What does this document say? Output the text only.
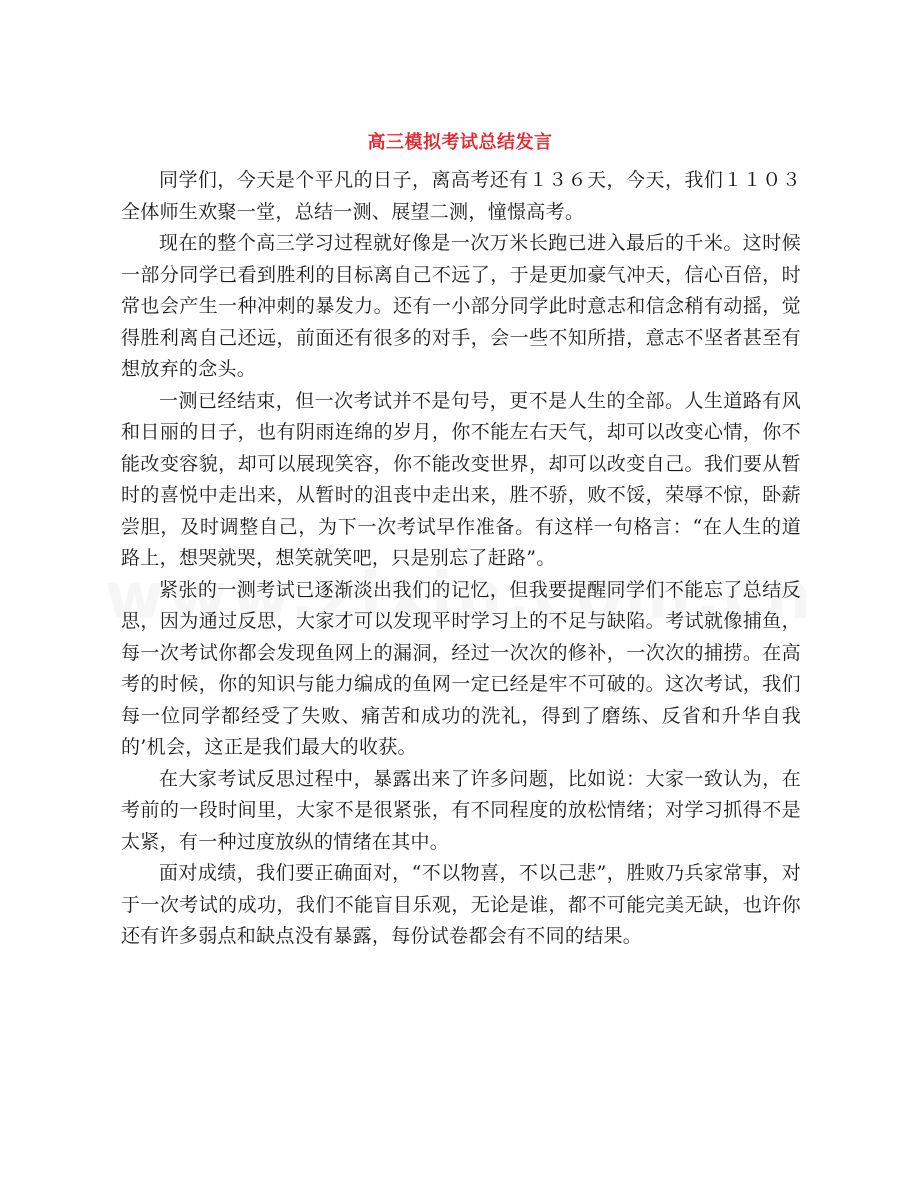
高三模拟考试总结发言

同学们，今天是个平凡的日子，离高考还有１３６天，今天，我们１１０３全体师生欢聚一堂，总结一测、展望二测，憧憬高考。

现在的整个高三学习过程就好像是一次万米长跑已进入最后的千米。这时候一部分同学已看到胜利的目标离自己不远了，于是更加豪气冲天，信心百倍，时常也会产生一种冲刺的暴发力。还有一小部分同学此时意志和信念稍有动摇，觉得胜利离自己还远，前面还有很多的对手，会一些不知所措，意志不坚者甚至有想放弃的念头。

一测已经结束，但一次考试并不是句号，更不是人生的全部。人生道路有风和日丽的日子，也有阴雨连绵的岁月，你不能左右天气，却可以改变心情，你不能改变容貌，却可以展现笑容，你不能改变世界，却可以改变自己。我们要从暂时的喜悦中走出来，从暂时的沮丧中走出来，胜不骄，败不馁，荣辱不惊，卧薪尝胆，及时调整自己，为下一次考试早作准备。有这样一句格言：“在人生的道路上，想哭就哭，想笑就笑吧，只是别忘了赶路”。

紧张的一测考试已逐渐淡出我们的记忆，但我要提醒同学们不能忘了总结反思，因为通过反思，大家才可以发现平时学习上的不足与缺陷。考试就像捕鱼，每一次考试你都会发现鱼网上的漏洞，经过一次次的修补，一次次的捕捞。在高考的时候，你的知识与能力编成的鱼网一定已经是牢不可破的。这次考试，我们每一位同学都经受了失败、痛苦和成功的洗礼，得到了磨练、反省和升华自我的’机会，这正是我们最大的收获。

在大家考试反思过程中，暴露出来了许多问题，比如说：大家一致认为，在考前的一段时间里，大家不是很紧张，有不同程度的放松情绪；对学习抓得不是太紧，有一种过度放纵的情绪在其中。

面对成绩，我们要正确面对，“不以物喜，不以己悲”，胜败乃兵家常事，对于一次考试的成功，我们不能盲目乐观，无论是谁，都不可能完美无缺，也许你还有许多弱点和缺点没有暴露，每份试卷都会有不同的结果。
